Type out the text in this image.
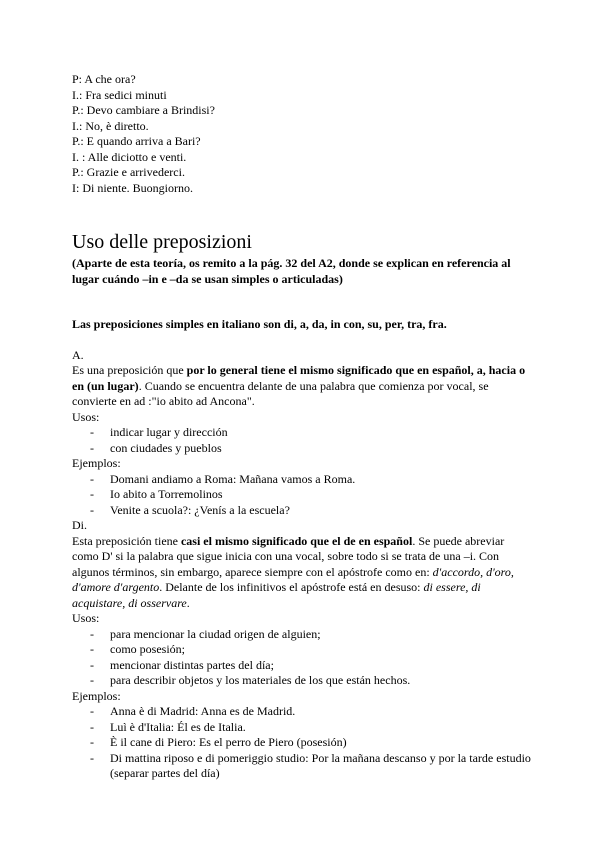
P: A che ora?

I.: Fra sedici minuti

P.: Devo cambiare a Brindisi?

I.: No, è diretto.

P.: E quando arriva a Bari?

I. : Alle diciotto e venti.

P.: Grazie e arrivederci.

I: Di niente. Buongiorno.

Uso delle preposizioni

(Aparte de esta teoría, os remito a la pág. 32 del A2, donde se explican en referencia al lugar cuándo –in e –da se usan simples o articuladas)

Las preposiciones simples en italiano son di, a, da, in con, su, per, tra, fra.

A.

Es una preposición que por lo general tiene el mismo significado que en español, a, hacia o en (un lugar). Cuando se encuentra delante de una palabra que comienza por vocal, se convierte en ad :"io abito ad Ancona".

Usos:

- indicar lugar y dirección
- con ciudades y pueblos

Ejemplos:

- Domani andiamo a Roma: Mañana vamos a Roma.
- Io abito a Torremolinos
- Venite a scuola?: ¿Venís a la escuela?

Di.

Esta preposición tiene casi el mismo significado que el de en español. Se puede abreviar como D' si la palabra que sigue inicia con una vocal, sobre todo si se trata de una –i. Con algunos términos, sin embargo, aparece siempre con el apóstrofe como en: d'accordo, d'oro, d'amore d'argento. Delante de los infinitivos el apóstrofe está en desuso: di essere, di acquistare, di osservare.

Usos:

- para mencionar la ciudad origen de alguien;
- como posesión;
- mencionar distintas partes del día;
- para describir objetos y los materiales de los que están hechos.

Ejemplos:

- Anna è di Madrid: Anna es de Madrid.
- Luì è d'Italia: Él es de Italia.
- È il cane di Piero: Es el perro de Piero (posesión)
- Di mattina riposo e di pomeriggio studio: Por la mañana descanso y por la tarde estudio (separar partes del día)
